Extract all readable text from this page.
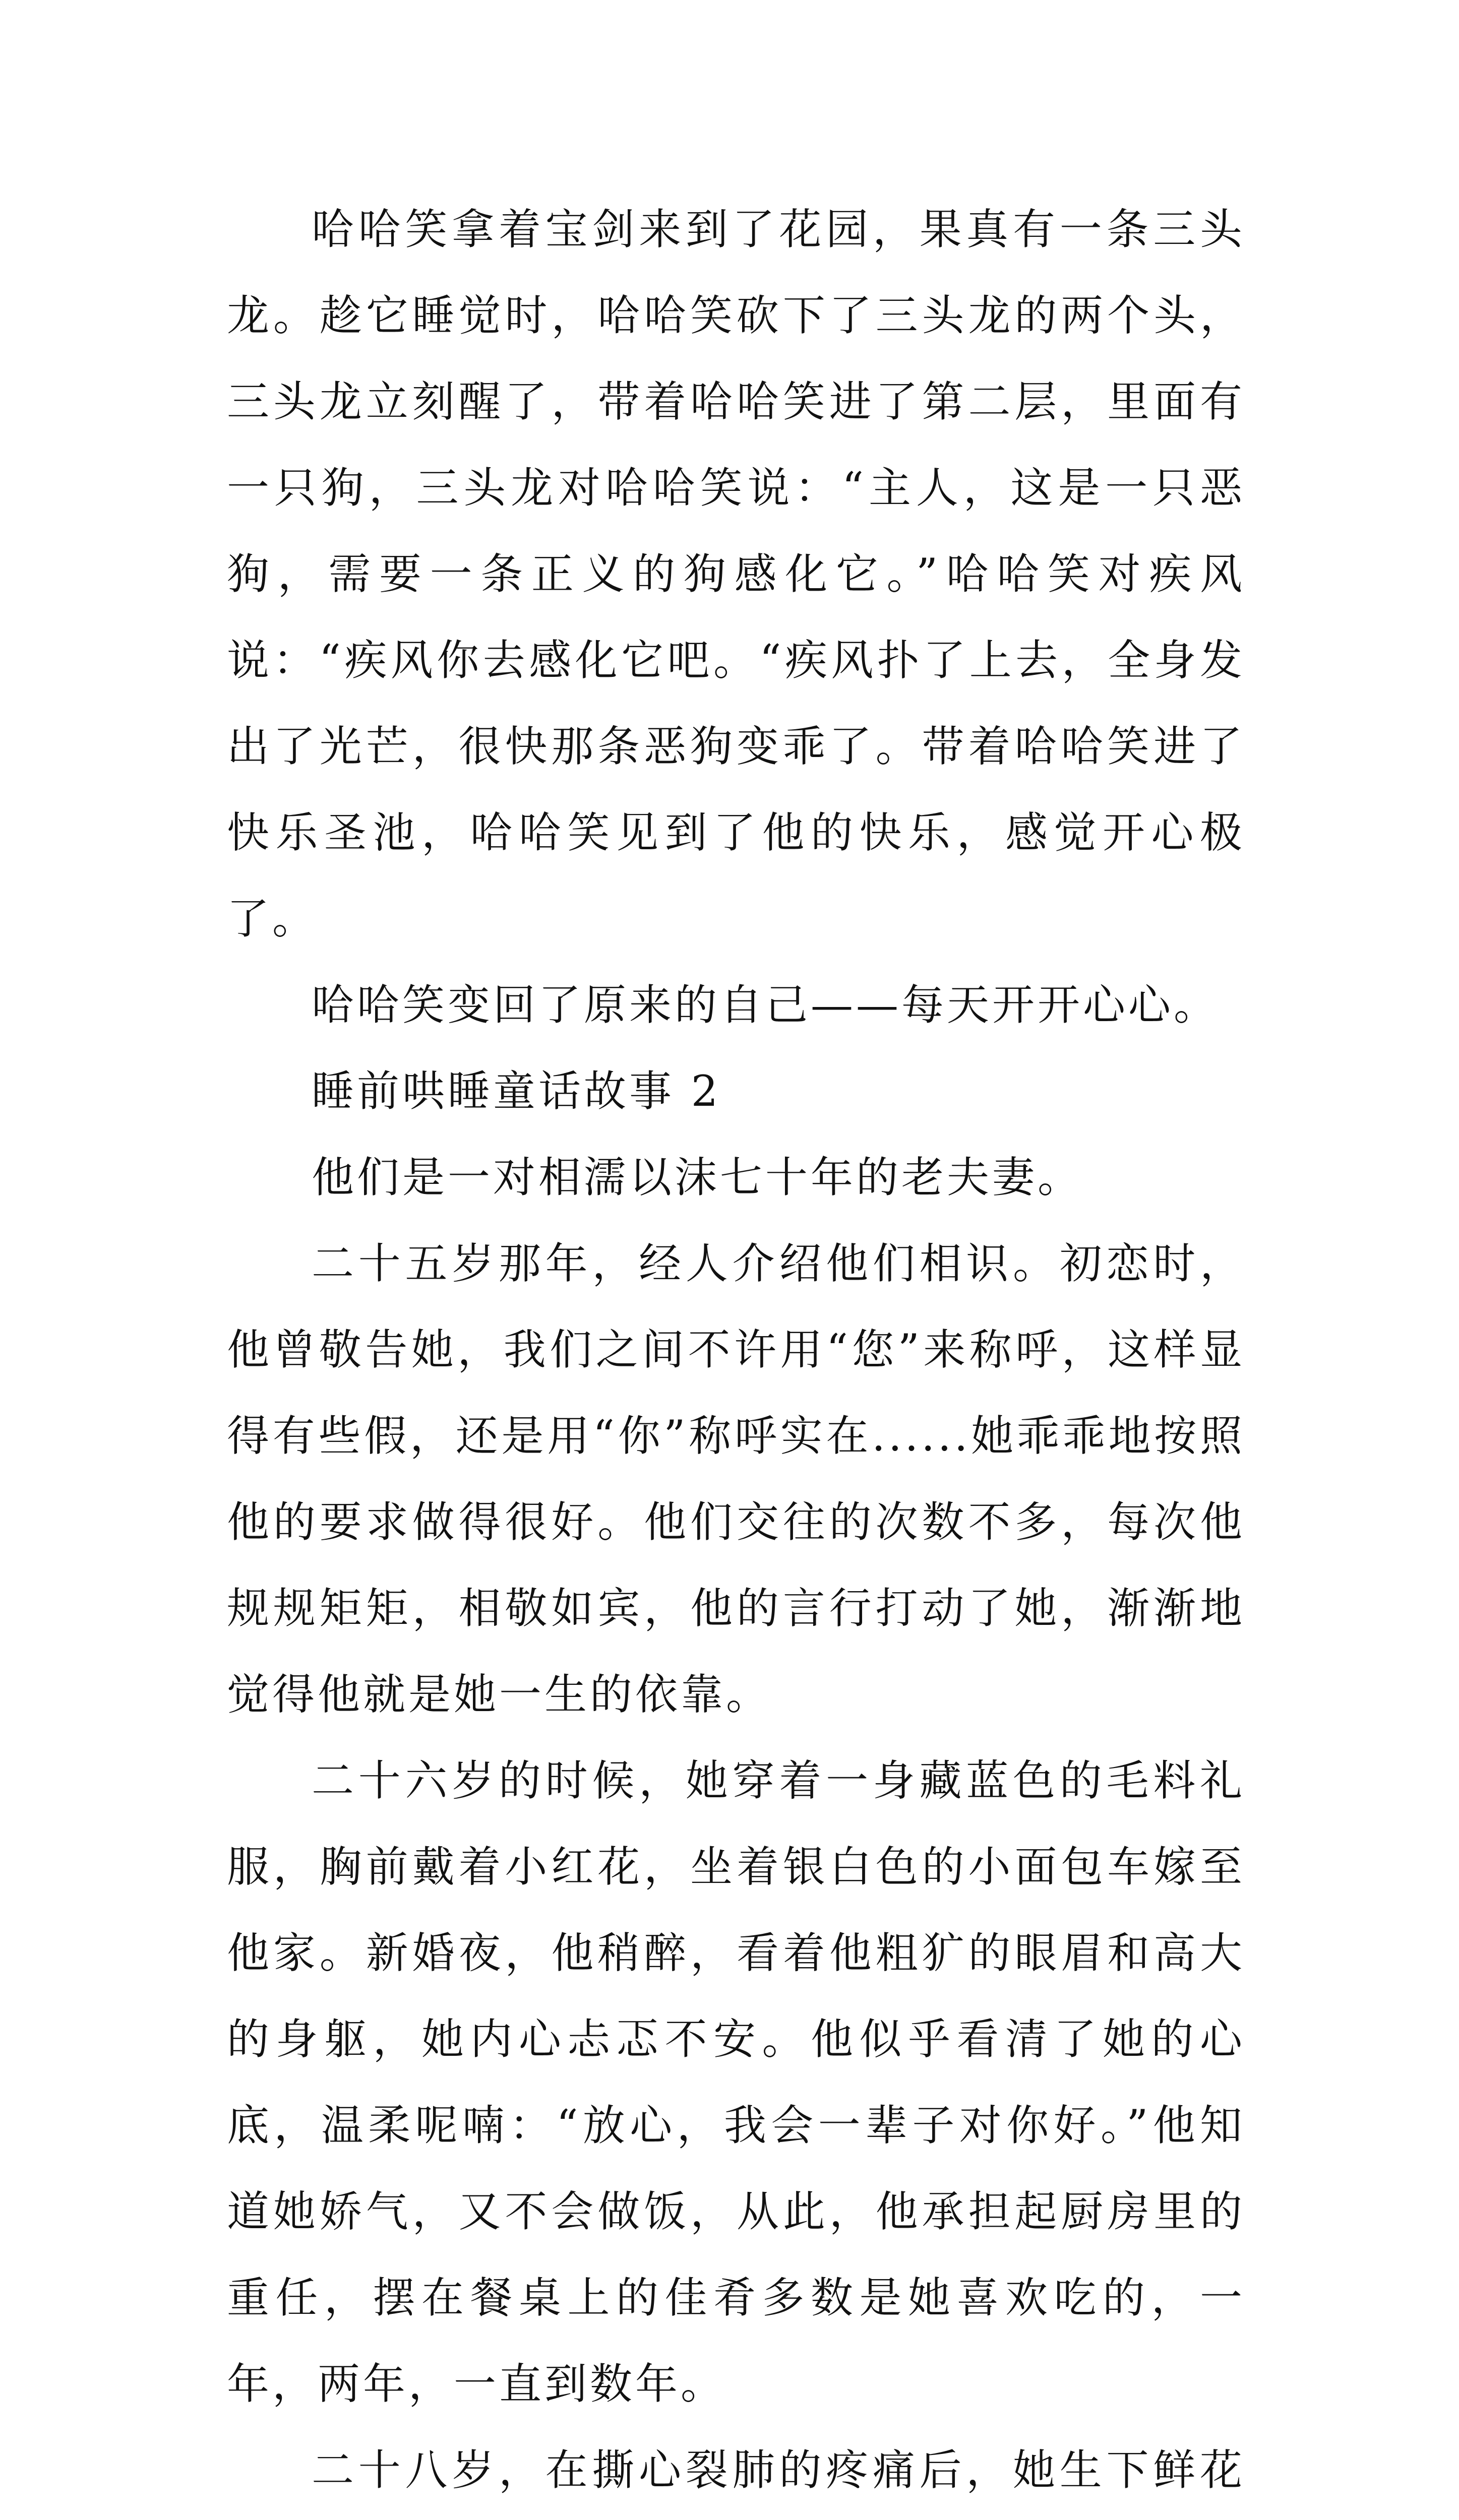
哈哈笑拿着宝剑来到了花园，果真有一条三头龙。趁它睡觉时，哈哈笑砍下了三头龙的两个头，三头龙立刻醒了，带着哈哈笑进了第二层，里面有一只狗，三头龙对哈哈笑说：“主人，这是一只恶狗，需要一条正义的狗感化它。”哈哈笑对疾风说：“疾风你去感化它吧。“疾风扑了上去，全身发出了光芒，很快那条恶狗变乖了。带着哈哈笑进了快乐圣池，哈哈笑见到了他的快乐，感觉开心极了。

哈哈笑变回了原来的自己——每天开开心心。

睡前哄睡童话故事 2

他们是一对相濡以沫七十年的老夫妻。

二十五岁那年，经人介绍他们相识。初恋时，他曾敬告她，我们之间不许用“您”来称呼，这样显得有些假，还是用“你”称呼实在......她乖乖地按照他的要求做得很好。他们交往的次数不多，每次他规规矩矩，相敬如宾，他的言行打动了她，渐渐地觉得他就是她一生的依靠。

二十六岁的时候，她穿着一身藏蓝色的毛料礼服，胸前戴着小红花，坐着银白色的小面包车嫁至他家。新婚夜，他稍醉，看着他粗犷的眼眉和高大的身躯，她内心忐忑不安。他似乎看清了她的心底，温柔呢喃：“放心，我会一辈子对你好。”他知道她娇气，又不会做饭，从此，他承担起厨房里的重任，摆在餐桌上的佳肴多数是她喜欢吃的，一年，两年，一直到数年。

二十八岁，在撕心裂肺的疼痛后，她生下鲜花
